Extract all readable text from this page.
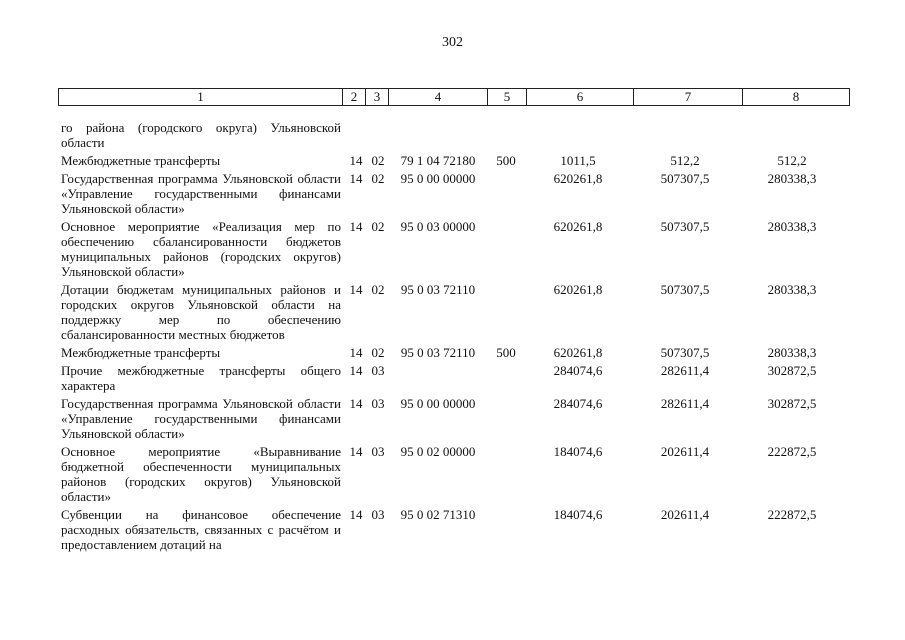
302
1	2	3	4	5	6	7	8
го района (городского округа) Ульяновской области							
Межбюджетные трансферты	14	02	79 1 04 72180	500	1011,5	512,2	512,2
Государственная программа Ульяновской области «Управление государственными финансами Ульяновской области»	14	02	95 0 00 00000		620261,8	507307,5	280338,3
Основное мероприятие «Реализация мер по обеспечению сбалансированности бюджетов муниципальных районов (городских округов) Ульяновской области»	14	02	95 0 03 00000		620261,8	507307,5	280338,3
Дотации бюджетам муниципальных районов и городских округов Ульяновской области на поддержку мер по обеспечению сбалансированности местных бюджетов	14	02	95 0 03 72110		620261,8	507307,5	280338,3
Межбюджетные трансферты	14	02	95 0 03 72110	500	620261,8	507307,5	280338,3
Прочие межбюджетные трансферты общего характера	14	03			284074,6	282611,4	302872,5
Государственная программа Ульяновской области «Управление государственными финансами Ульяновской области»	14	03	95 0 00 00000		284074,6	282611,4	302872,5
Основное мероприятие «Выравнивание бюджетной обеспеченности муниципальных районов (городских округов) Ульяновской области»	14	03	95 0 02 00000		184074,6	202611,4	222872,5
Субвенции на финансовое обеспечение расходных обязательств, связанных с расчётом и предоставлением дотаций на	14	03	95 0 02 71310		184074,6	202611,4	222872,5
